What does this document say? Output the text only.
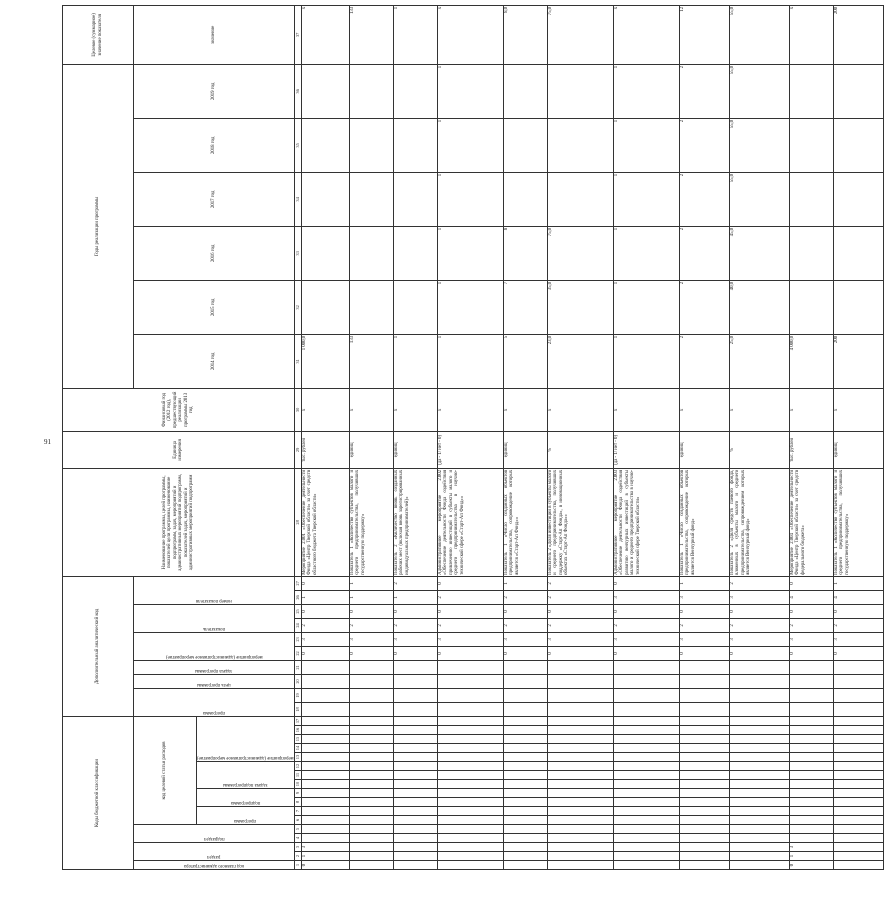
91
Коды бюджетной классификации																	Дополнительный аналитический код										Наименование программы, целей программы, показателей цели программы, наименование подпрограмм, задач, мероприятий и административных мероприятий подпрограмм, показателей задач, мероприятий и административных мероприятий подпрограмм	Единица измерения	Финансовый год (2012 год), предшествующий реализации программы 2013 год	Годы реализации программы						Целевое (суммарное) значение показателя

код главного администратора	раздел		подраздел		код целевой статьи расходов												программа		цель программы	задача программы	мероприятие (административное мероприятие)		показатель		номер показателя					2014 год	2015 год	2016 год	2017 год	2018 год	2019 год	значение

					программа		подпрограмма		задача подпрограммы			мероприятие (административное мероприятие)																								

1	2	3	4	5	6	7	8	9	10	11	12	13	14	15	16	17	18	19	20	21	22	23	24	25	26	27	28	29	30	31	32	33	34	35	36	37
0	1	3																			0	3	2	0	1	0	Мероприятие 2.001 «Обеспечение деятельности Фонда «Центр Тверской области» за счет средств областного бюджета Тверской области»	тыс. рублей	х	1 000,0						х
																					0	3	2	0	1	1	Показатель 1 «Количество субъектов малого и среднего предпринимательства, получивших государственную поддержку»	единиц	х	133						133
																					0	3	2	0	1	2	Показатель 2 «Количество вновь созданных рабочих мест (включая вновь зарегистрированных индивидуальных предпринимателей)»	единиц	х	1						1
																					0	3	2	0	2	0	Административное мероприятие 2.002 «Обеспечение деятельности Фонда содействия привлечению инвестиций в субъекты малого и среднего предпринимательства в научно-технической сфере «Старт-Ап Фонд»»	(да - 1/ нет - 0)	х	1	1	1	1	1	1	х
																					0	3	2	0	2	1	Показатель 1 «Число созданных объектов предпринимательства, сопровождение которых является «Старт-Ап Фонд»»	единиц	х	5	7	8				8,0
																					0	3	2	0	2	2	Показатель 2 «Доля инвестиций в субъекты малого и среднего предпринимательства, получивших поддержку «Старт-Ап Фонда», в инновационных объектах «Старт-Ап Фонда»»	%	х	23,0	35,0	75,0				75,0
																					0	3	2	0	3	0	Административное мероприятие 2.003 «Обеспечение деятельности Фонда содействия развитию венчурных инвестиций в субъекты малого и среднего предпринимательства в научно-технической сфере Тверской области»	(да - 1/ нет - 0)	х	1	1	1	1	1	1	х
																					0	3	2	0	3	1	Показатель 1 «Число созданных объектов предпринимательства, сопровождение которых является Венчурный фонд»	единиц	х	2	2	2	2	2	2	12
																					0	3	2	0	3	2	Показатель 2 «Доля средств паевого фонда, вложенных в субъекты малого и среднего предпринимательства, сопровождением которых является Венчурный фонд»	%	х	25,0	40,0	45,0	55,0	55,0	55,0	55,0
0	1	3																			0	3	2	0	4	0	Мероприятие 2.004 «Обеспечение деятельности Фонда «Центр Тверской области» за счет средств федерального бюджета»	тыс. рублей	х	4 000,0						х
																					0	3	2	0	4	1	Показатель 1 «Количество субъектов малого и среднего предпринимательства, получивших государственную поддержку»	единиц	х	200						200
